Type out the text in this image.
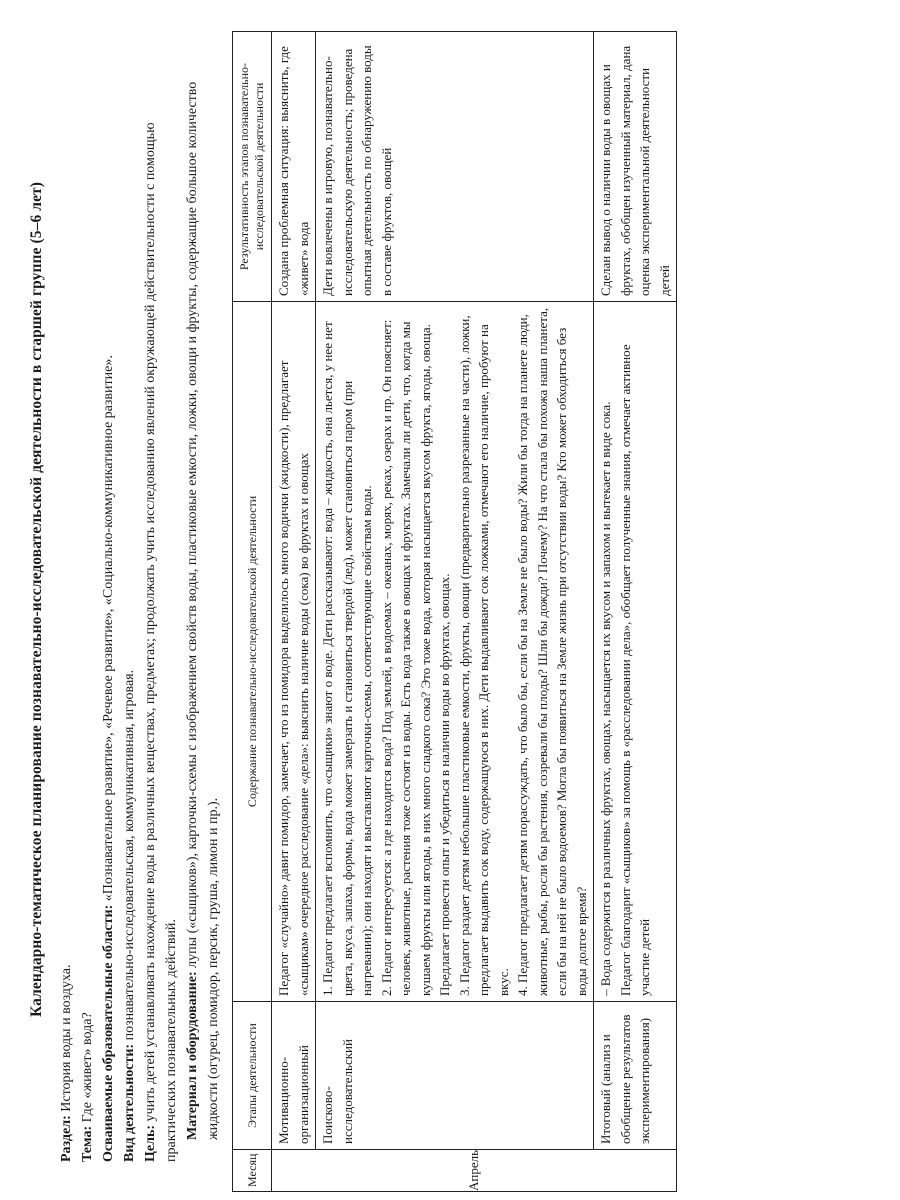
Календарно-тематическое планирование познавательно-исследовательской деятельности в старшей группе (5–6 лет)
Раздел: История воды и воздуха.
Тема: Где «живет» вода? Осваиваемые образовательные области: «Познавательное развитие», «Речевое развитие», «Социально-коммуникативное развитие».
Вид деятельности: познавательно-исследовательская, коммуникативная, игровая.
Цель: учить детей устанавливать нахождение воды в различных веществах, предметах; продолжать учить исследованию явлений окружающей действительности с помощью практических познавательных действий. Материал и оборудование: лупы («сыщиков»), карточки-схемы с изображением свойств воды, пластиковые емкости, ложки, овощи и фрукты, содержащие большое количество жидкости (огурец, помидор, персик, груша, лимон и пр.).
Месяц	Этапы деятельности	Содержание познавательно-исследовательской деятельности	Результативность этапов познавательно-исследовательской деятельности
Апрель	Мотивационно-организационный	Педагог «случайно» давит помидор, замечает, что из помидора выделилось много водички (жидкости), предлагает «сыщикам» очередное расследование «дела»: выяснить наличие воды (сока) во фруктах и овощах	Создана проблемная ситуация: выяснить, где «живет» вода
	Поисково-исследовательский	1. Педагог предлагает вспомнить, что «сыщики» знают о воде. Дети рассказывают: вода – жидкость, она льется, у нее нет цвета, вкуса, запаха, формы, вода может замерзать и становиться твердой (лед), может становиться паром (при нагревании); они находят и выставляют карточки-схемы, соответствующие свойствам воды. 2. Педагог интересуется: а где находится вода? Под землей, в водоемах – океанах, морях, реках, озерах и пр. Он поясняет: человек, животные, растения тоже состоят из воды. Есть вода также в овощах и фруктах. Замечали ли дети, что, когда мы кушаем фрукты или ягоды, в них много сладкого сока? Это тоже вода, которая насыщается вкусом фрукта, ягоды, овоща. Предлагает провести опыт и убедиться в наличии воды во фруктах, овощах. 3. Педагог раздает детям небольшие пластиковые емкости, фрукты, овощи (предварительно разрезанные на части), ложки, предлагает выдавить сок воду, содержащуюся в них. Дети выдавливают сок ложками, отмечают его наличие, пробуют на вкус. 4. Педагог предлагает детям порассуждать, что было бы, если бы на Земле не было воды? Жили бы тогда на планете люди, животные, рыбы, росли бы растения, созревали бы плоды? Шли бы дожди? Почему? На что стала бы похожа наша планета, если бы на ней не было водоемов? Могла бы появиться на Земле жизнь при отсутствии воды? Кто может обходиться без воды долгое время?	Дети вовлечены в игровую, познавательно-исследовательскую деятельность; проведена опытная деятельность по обнаружению воды в составе фруктов, овощей
	Итоговый (анализ и обобщение результатов экспериментирования)	– Вода содержится в различных фруктах, овощах, насыщается их вкусом и запахом и вытекает в виде сока. Педагог благодарит «сыщиков» за помощь в «расследовании дела», обобщает полученные знания, отмечает активное участие детей	Сделан вывод о наличии воды в овощах и фруктах, обобщен изученный материал, дана оценка экспериментальной деятельности детей
